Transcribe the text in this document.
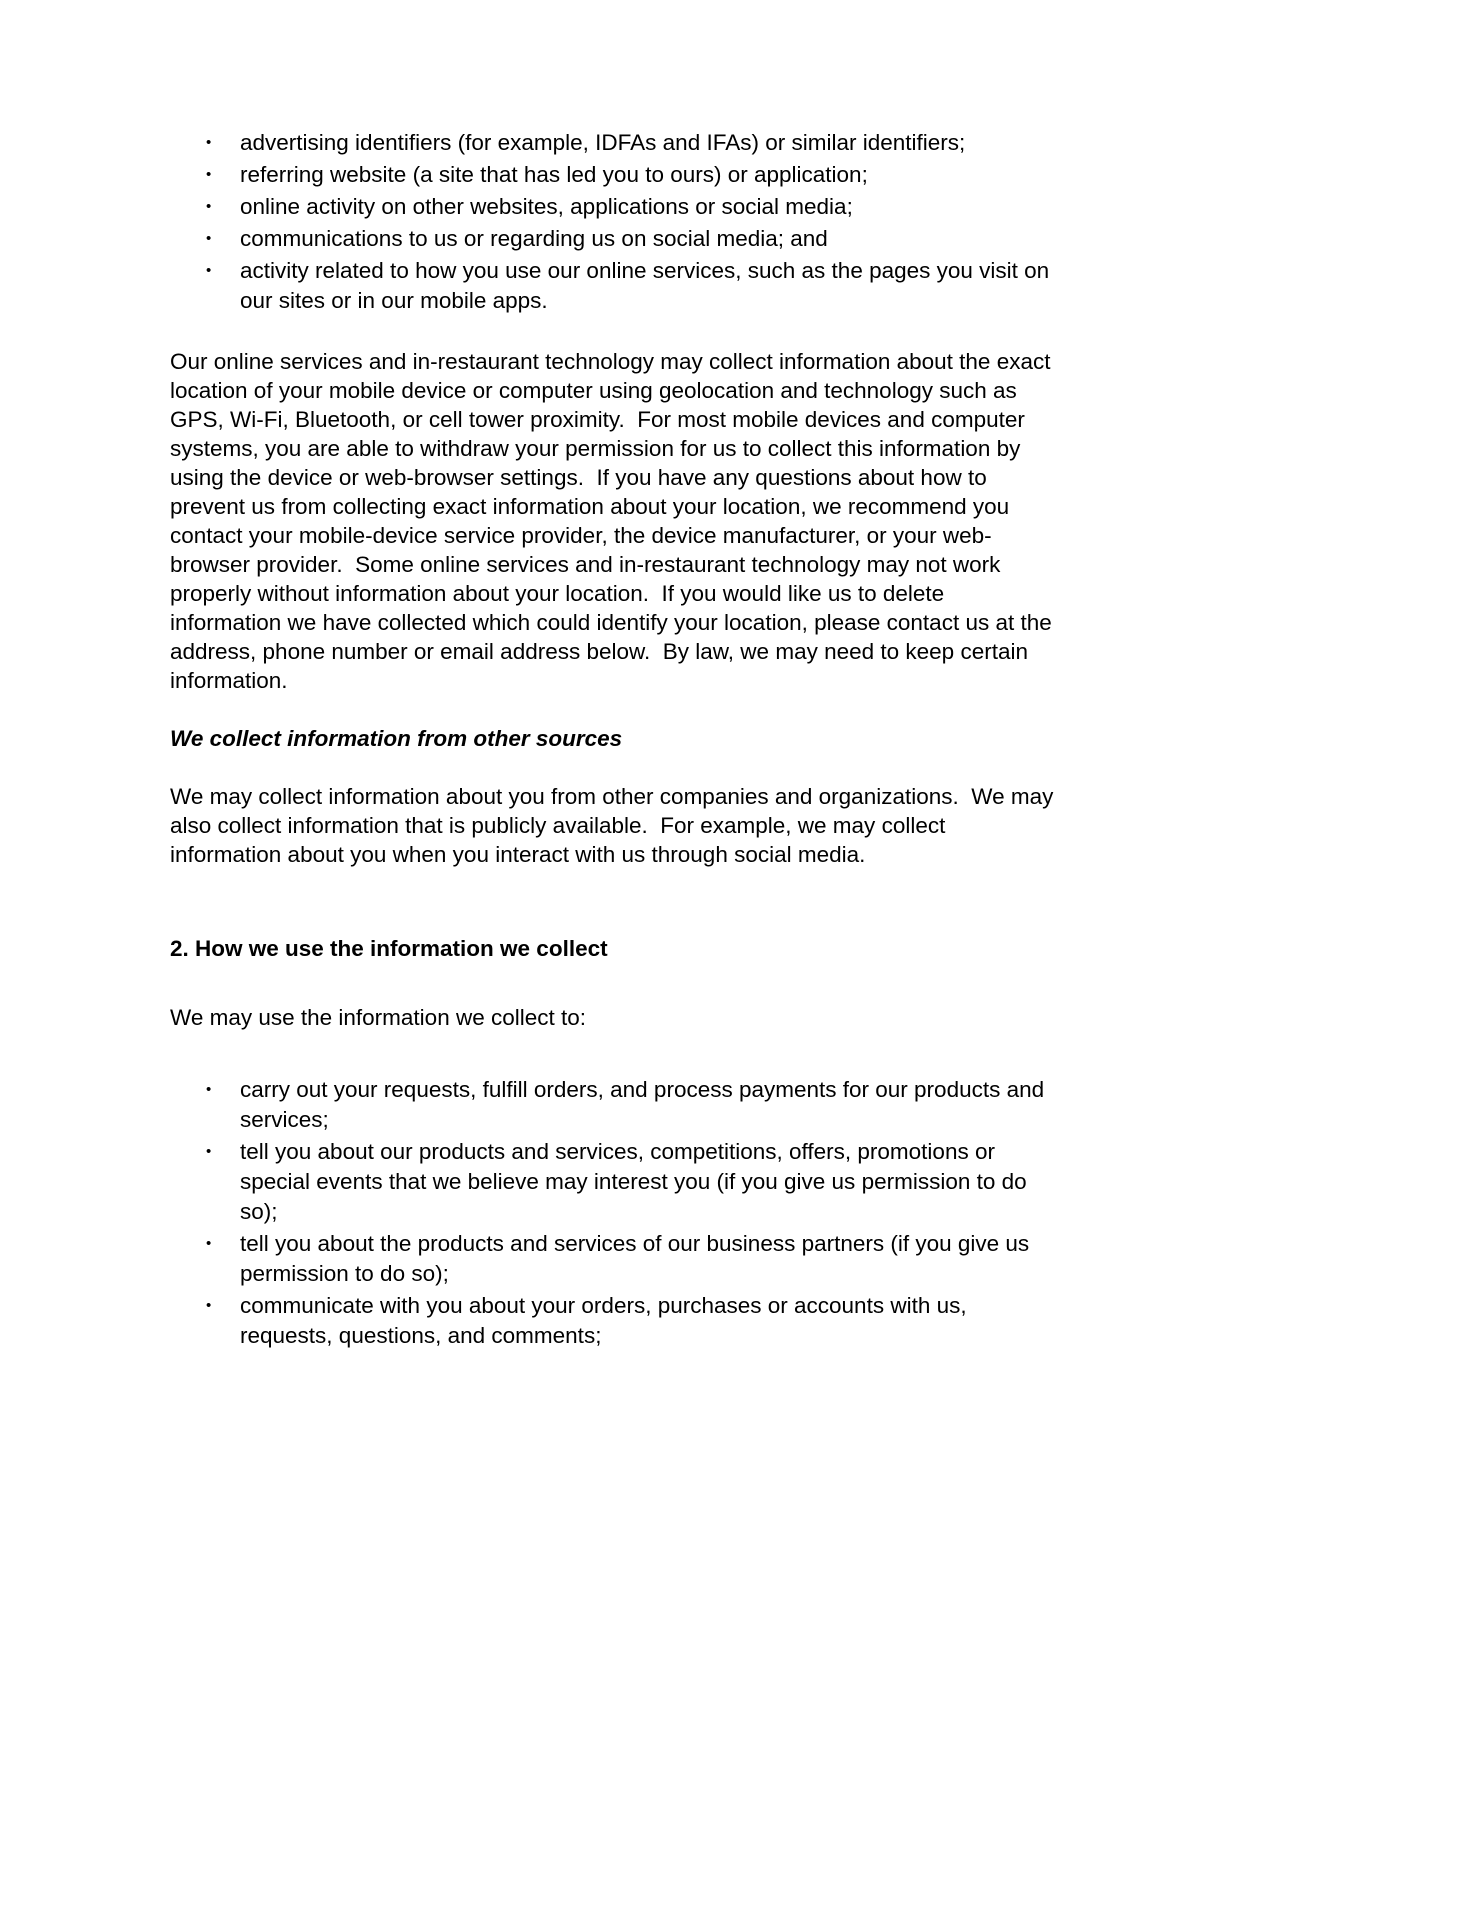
• advertising identifiers (for example, IDFAs and IFAs) or similar identifiers;
• referring website (a site that has led you to ours) or application;
• online activity on other websites, applications or social media;
• communications to us or regarding us on social media; and
• activity related to how you use our online services, such as the pages you visit on our sites or in our mobile apps.

Our online services and in-restaurant technology may collect information about the exact location of your mobile device or computer using geolocation and technology such as GPS, Wi-Fi, Bluetooth, or cell tower proximity.  For most mobile devices and computer systems, you are able to withdraw your permission for us to collect this information by using the device or web-browser settings.  If you have any questions about how to prevent us from collecting exact information about your location, we recommend you contact your mobile-device service provider, the device manufacturer, or your web-browser provider.  Some online services and in-restaurant technology may not work properly without information about your location.  If you would like us to delete information we have collected which could identify your location, please contact us at the address, phone number or email address below.  By law, we may need to keep certain information.

We collect information from other sources

We may collect information about you from other companies and organizations.  We may also collect information that is publicly available.  For example, we may collect information about you when you interact with us through social media.

2. How we use the information we collect

We may use the information we collect to:

• carry out your requests, fulfill orders, and process payments for our products and services;
• tell you about our products and services, competitions, offers, promotions or special events that we believe may interest you (if you give us permission to do so);
• tell you about the products and services of our business partners (if you give us permission to do so);
• communicate with you about your orders, purchases or accounts with us, requests, questions, and comments;
